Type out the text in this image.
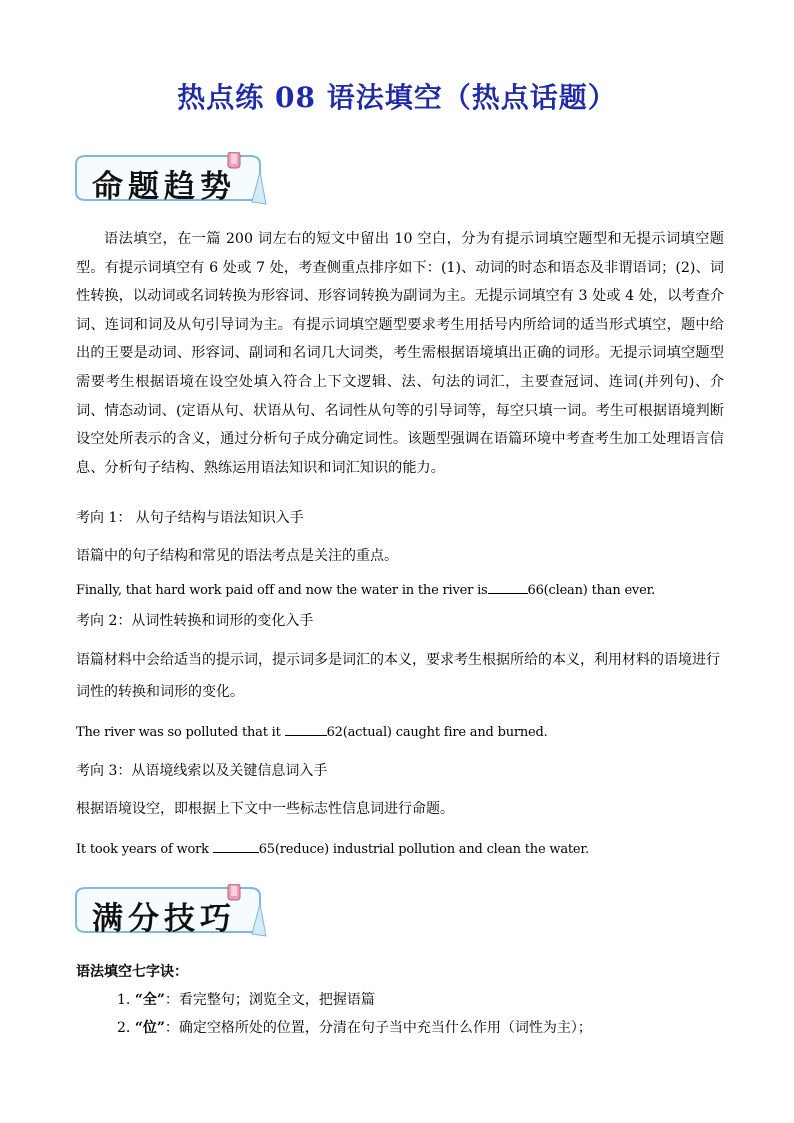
热点练 08 语法填空（热点话题）
命题趋势
语法填空，在一篇 200 词左右的短文中留出 10 空白，分为有提示词填空题型和无提示词填空题型。有提示词填空有 6 处或 7 处，考查侧重点排序如下：(1)、动词的时态和语态及非谓语词；(2)、词性转换，以动词或名词转换为形容词、形容词转换为副词为主。无提示词填空有 3 处或 4 处，以考查介词、连词和词及从句引导词为主。有提示词填空题型要求考生用括号内所给词的适当形式填空，题中给出的王要是动词、形容词、副词和名词几大词类，考生需根据语境填出正确的词形。无提示词填空题型需要考生根据语境在设空处填入符合上下文逻辑、法、句法的词汇，主要查冠词、连词(并列句)、介词、情态动词、(定语从句、状语从句、名词性从句等的引导词等，每空只填一词。考生可根据语境判断设空处所表示的含义，通过分析句子成分确定词性。该题型强调在语篇环境中考查考生加工处理语言信息、分析句子结构、熟练运用语法知识和词汇知识的能力。
考向 1： 从句子结构与语法知识入手
语篇中的句子结构和常见的语法考点是关注的重点。
Finally, that hard work paid off and now the water in the river is	66(clean) than ever.
考向 2：从词性转换和词形的变化入手
语篇材料中会给适当的提示词，提示词多是词汇的本义，要求考生根据所给的本义，利用材料的语境进行
词性的转换和词形的变化。
The river was so polluted that it	62(actual) caught fire and burned.
考向 3：从语境线索以及关键信息词入手
根据语境设空，即根据上下文中一些标志性信息词进行命题。
It took years of work	65(reduce) industrial pollution and clean the water.
满分技巧
语法填空七字诀：
1. “全”：看完整句；浏览全文，把握语篇
2. “位”：确定空格所处的位置，分清在句子当中充当什么作用（词性为主）；
